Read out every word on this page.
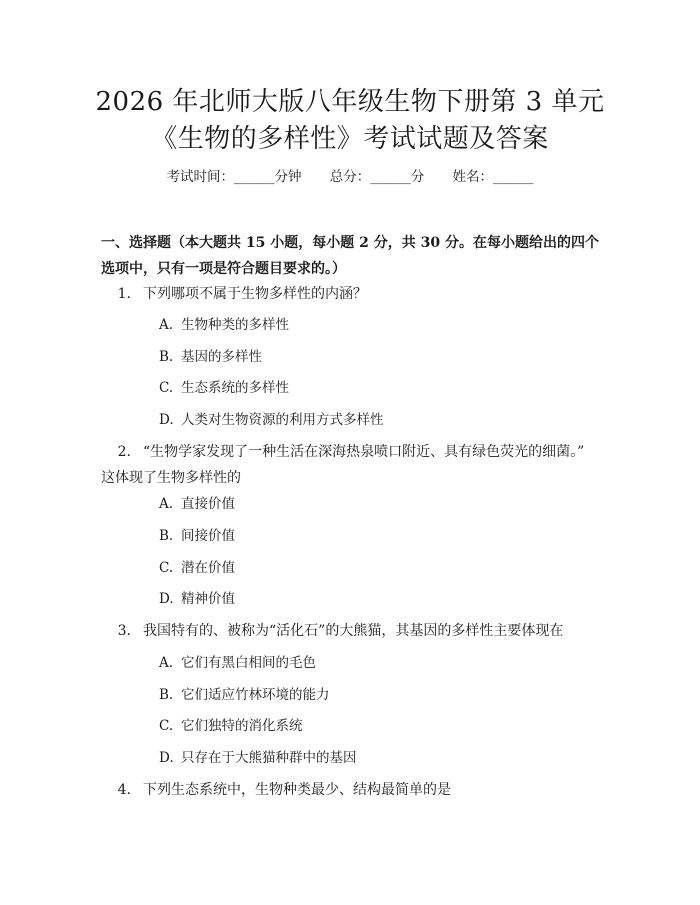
2026 年北师大版八年级生物下册第 3 单元
《生物的多样性》考试试题及答案
考试时间：______分钟 总分：______分 姓名：______
一、选择题（本大题共 15 小题，每小题 2 分，共 30 分。在每小题给出的四个选项中，只有一项是符合题目要求的。）
1. 下列哪项不属于生物多样性的内涵？
A. 生物种类的多样性
B. 基因的多样性
C. 生态系统的多样性
D. 人类对生物资源的利用方式多样性
2. “生物学家发现了一种生活在深海热泉喷口附近、具有绿色荧光的细菌。” 这体现了生物多样性的
A. 直接价值
B. 间接价值
C. 潜在价值
D. 精神价值
3. 我国特有的、被称为“活化石”的大熊猫，其基因的多样性主要体现在
A. 它们有黑白相间的毛色
B. 它们适应竹林环境的能力
C. 它们独特的消化系统
D. 只存在于大熊猫种群中的基因
4. 下列生态系统中，生物种类最少、结构最简单的是
